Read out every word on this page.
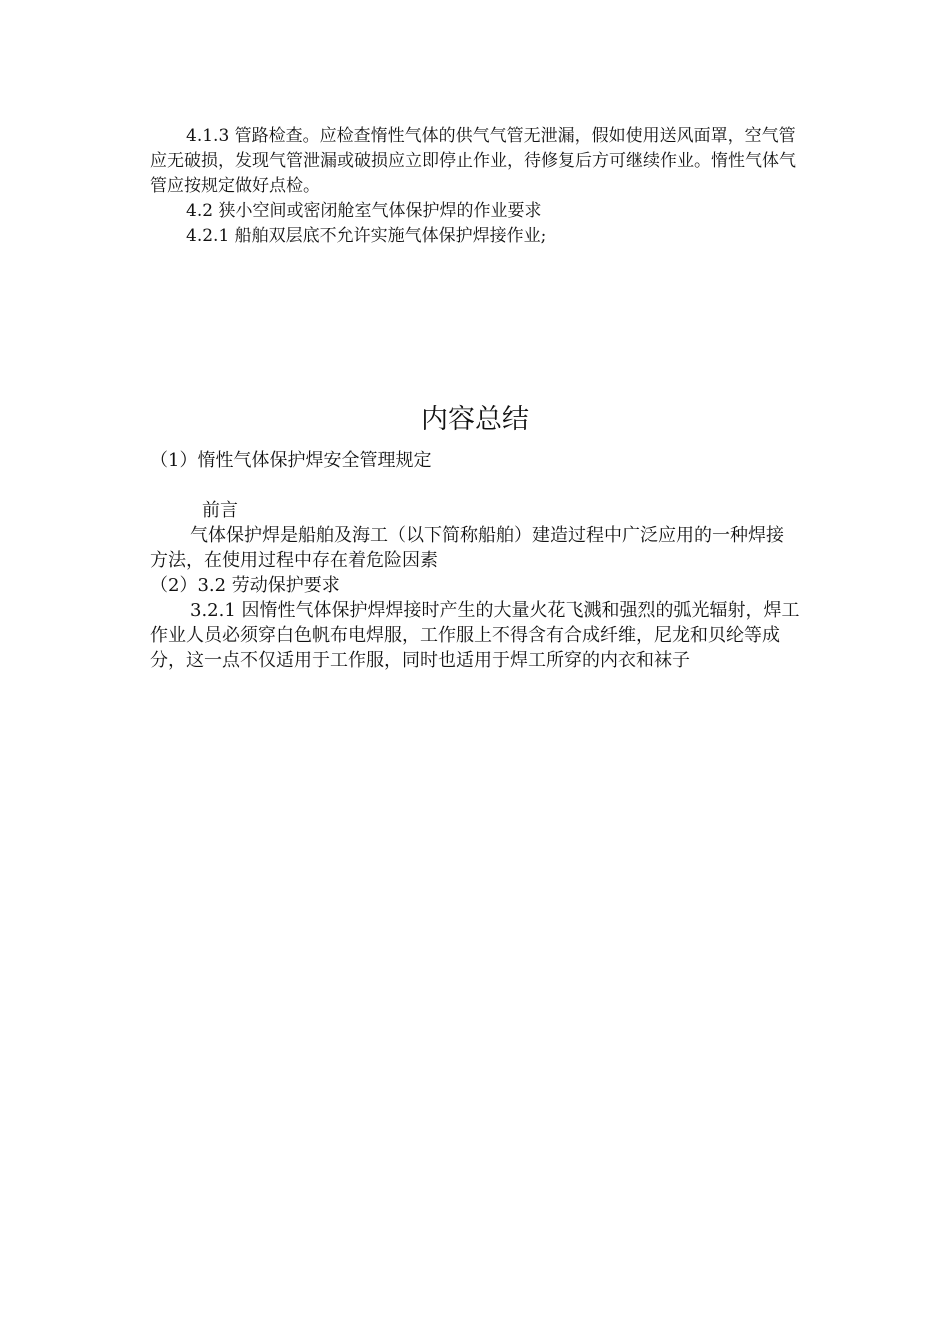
4.1.3 管路检查。应检查惰性气体的供气气管无泄漏，假如使用送风面罩，空气管应无破损，发现气管泄漏或破损应立即停止作业，待修复后方可继续作业。惰性气体气管应按规定做好点检。

4.2 狭小空间或密闭舱室气体保护焊的作业要求

4.2.1 船舶双层底不允许实施气体保护焊接作业;

内容总结

（1）惰性气体保护焊安全管理规定

前言

气体保护焊是船舶及海工（以下简称船舶）建造过程中广泛应用的一种焊接方法，在使用过程中存在着危险因素

（2）3.2 劳动保护要求

3.2.1 因惰性气体保护焊焊接时产生的大量火花飞溅和强烈的弧光辐射，焊工作业人员必须穿白色帆布电焊服，工作服上不得含有合成纤维，尼龙和贝纶等成分，这一点不仅适用于工作服，同时也适用于焊工所穿的内衣和袜子
